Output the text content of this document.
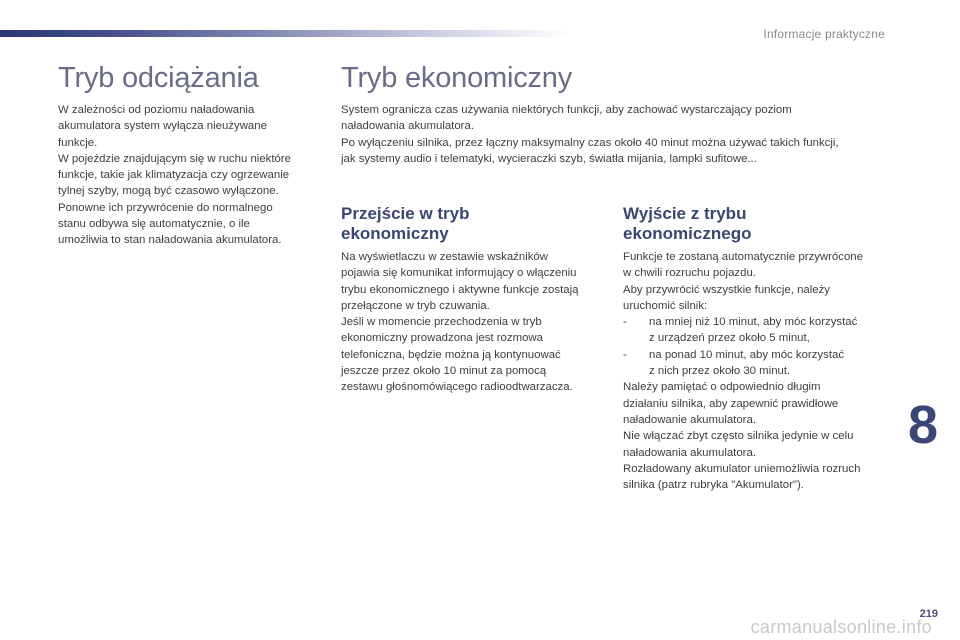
Informacje praktyczne
Tryb odciążania

W zależności od poziomu naładowania

akumulatora system wyłącza nieużywane

funkcje.

W pojeździe znajdującym się w ruchu niektóre

funkcje, takie jak klimatyzacja czy ogrzewanie

tylnej szyby, mogą być czasowo wyłączone.

Ponowne ich przywrócenie do normalnego

stanu odbywa się automatycznie, o ile

umożliwia to stan naładowania akumulatora.

Tryb ekonomiczny

System ogranicza czas używania niektórych funkcji, aby zachować wystarczający poziom

naładowania akumulatora.

Po wyłączeniu silnika, przez łączny maksymalny czas około 40 minut można używać takich funkcji,

jak systemy audio i telematyki, wycieraczki szyb, światła mijania, lampki sufitowe...

Przejście w tryb
ekonomiczny

Na wyświetlaczu w zestawie wskaźników

pojawia się komunikat informujący o włączeniu

trybu ekonomicznego i aktywne funkcje zostają

przełączone w tryb czuwania.

Jeśli w momencie przechodzenia w tryb

ekonomiczny prowadzona jest rozmowa

telefoniczna, będzie można ją kontynuować

jeszcze przez około 10 minut za pomocą

zestawu głośnomówiącego radioodtwarzacza.

Wyjście z trybu
ekonomicznego

Funkcje te zostaną automatycznie przywrócone

w chwili rozruchu pojazdu.

Aby przywrócić wszystkie funkcje, należy

uruchomić silnik:

-	na mniej niż 10 minut, aby móc korzystać

z urządzeń przez około 5 minut,

-	na ponad 10 minut, aby móc korzystać

z nich przez około 30 minut.

Należy pamiętać o odpowiednio długim

działaniu silnika, aby zapewnić prawidłowe

naładowanie akumulatora.

Nie włączać zbyt często silnika jedynie w celu

naładowania akumulatora.

Rozładowany akumulator uniemożliwia rozruch

silnika (patrz rubryka "Akumulator").

8
219
carmanualsonline.info
